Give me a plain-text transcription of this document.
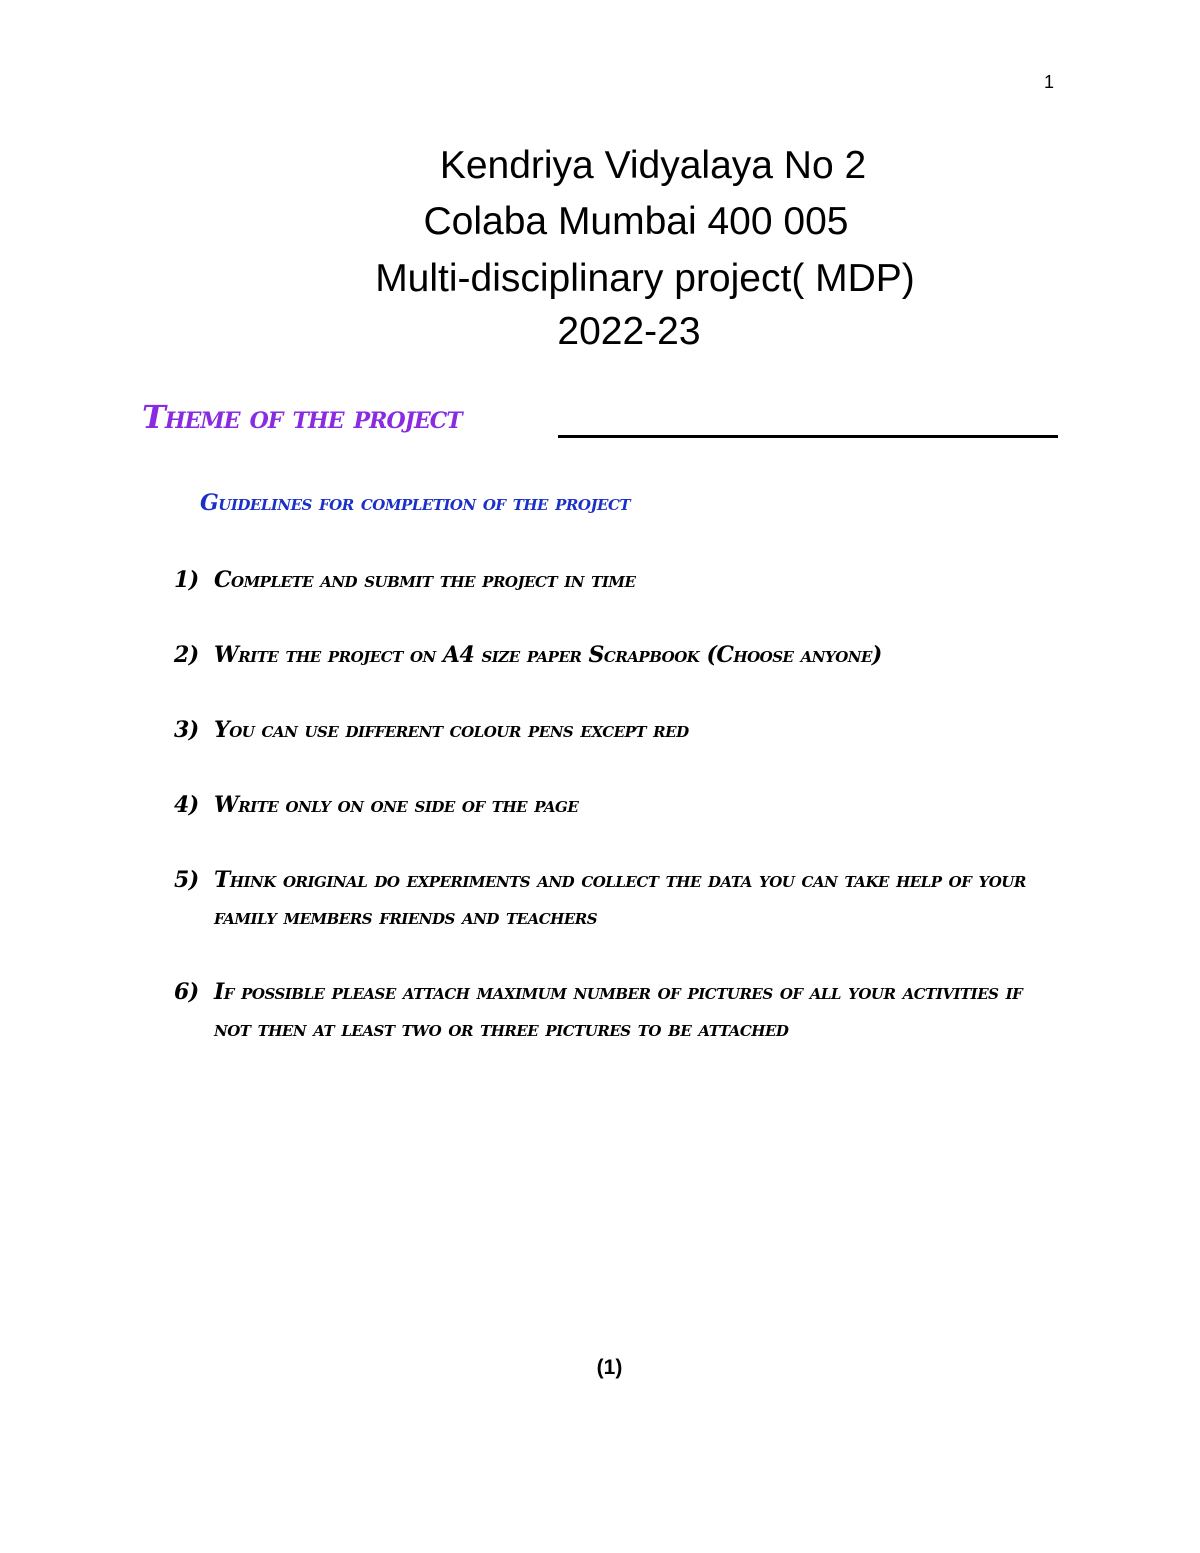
1
Kendriya Vidyalaya No 2
Colaba Mumbai 400 005
Multi-disciplinary project( MDP)
2022-23
Theme of the project
Guidelines for completion of the project
1) Complete and submit the project in time
2) Write the project on A4 size paper Scrapbook (Choose anyone)
3) You can use different colour pens except red
4) Write only on one side of the page
5) Think original do experiments and collect the data you can take help of your family members friends and teachers
6) If possible please attach maximum number of pictures of all your activities if not then at least two or three pictures to be attached
(1)
